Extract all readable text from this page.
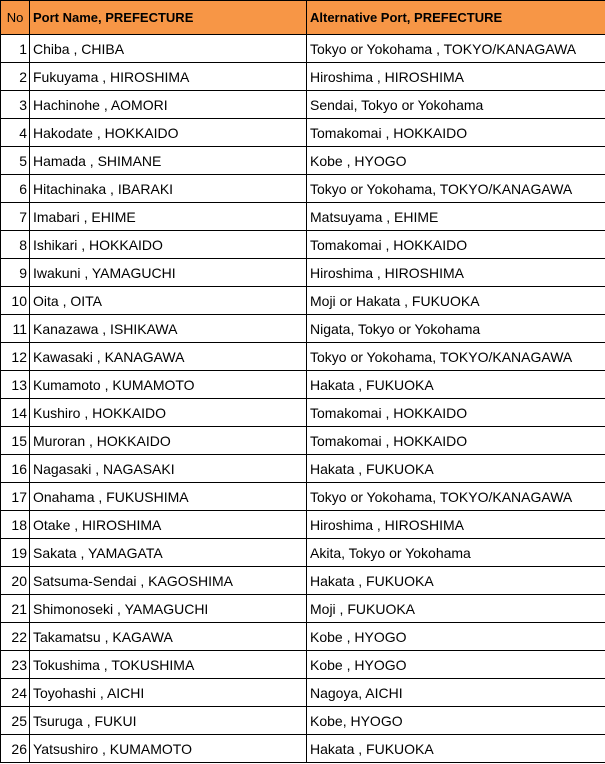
No	Port Name, PREFECTURE	Alternative Port, PREFECTURE
1	Chiba , CHIBA	Tokyo or Yokohama , TOKYO/KANAGAWA
2	Fukuyama , HIROSHIMA	Hiroshima , HIROSHIMA
3	Hachinohe , AOMORI	Sendai, Tokyo or Yokohama
4	Hakodate , HOKKAIDO	Tomakomai , HOKKAIDO
5	Hamada , SHIMANE	Kobe , HYOGO
6	Hitachinaka , IBARAKI	Tokyo or Yokohama, TOKYO/KANAGAWA
7	Imabari , EHIME	Matsuyama , EHIME
8	Ishikari , HOKKAIDO	Tomakomai , HOKKAIDO
9	Iwakuni , YAMAGUCHI	Hiroshima , HIROSHIMA
10	Oita , OITA	Moji or Hakata , FUKUOKA
11	Kanazawa , ISHIKAWA	Nigata, Tokyo or Yokohama
12	Kawasaki , KANAGAWA	Tokyo or Yokohama, TOKYO/KANAGAWA
13	Kumamoto , KUMAMOTO	Hakata , FUKUOKA
14	Kushiro , HOKKAIDO	Tomakomai , HOKKAIDO
15	Muroran , HOKKAIDO	Tomakomai , HOKKAIDO
16	Nagasaki , NAGASAKI	Hakata , FUKUOKA
17	Onahama , FUKUSHIMA	Tokyo or Yokohama, TOKYO/KANAGAWA
18	Otake , HIROSHIMA	Hiroshima , HIROSHIMA
19	Sakata , YAMAGATA	Akita, Tokyo or Yokohama
20	Satsuma-Sendai , KAGOSHIMA	Hakata , FUKUOKA
21	Shimonoseki , YAMAGUCHI	Moji , FUKUOKA
22	Takamatsu , KAGAWA	Kobe , HYOGO
23	Tokushima , TOKUSHIMA	Kobe , HYOGO
24	Toyohashi , AICHI	Nagoya, AICHI
25	Tsuruga , FUKUI	Kobe, HYOGO
26	Yatsushiro , KUMAMOTO	Hakata , FUKUOKA
